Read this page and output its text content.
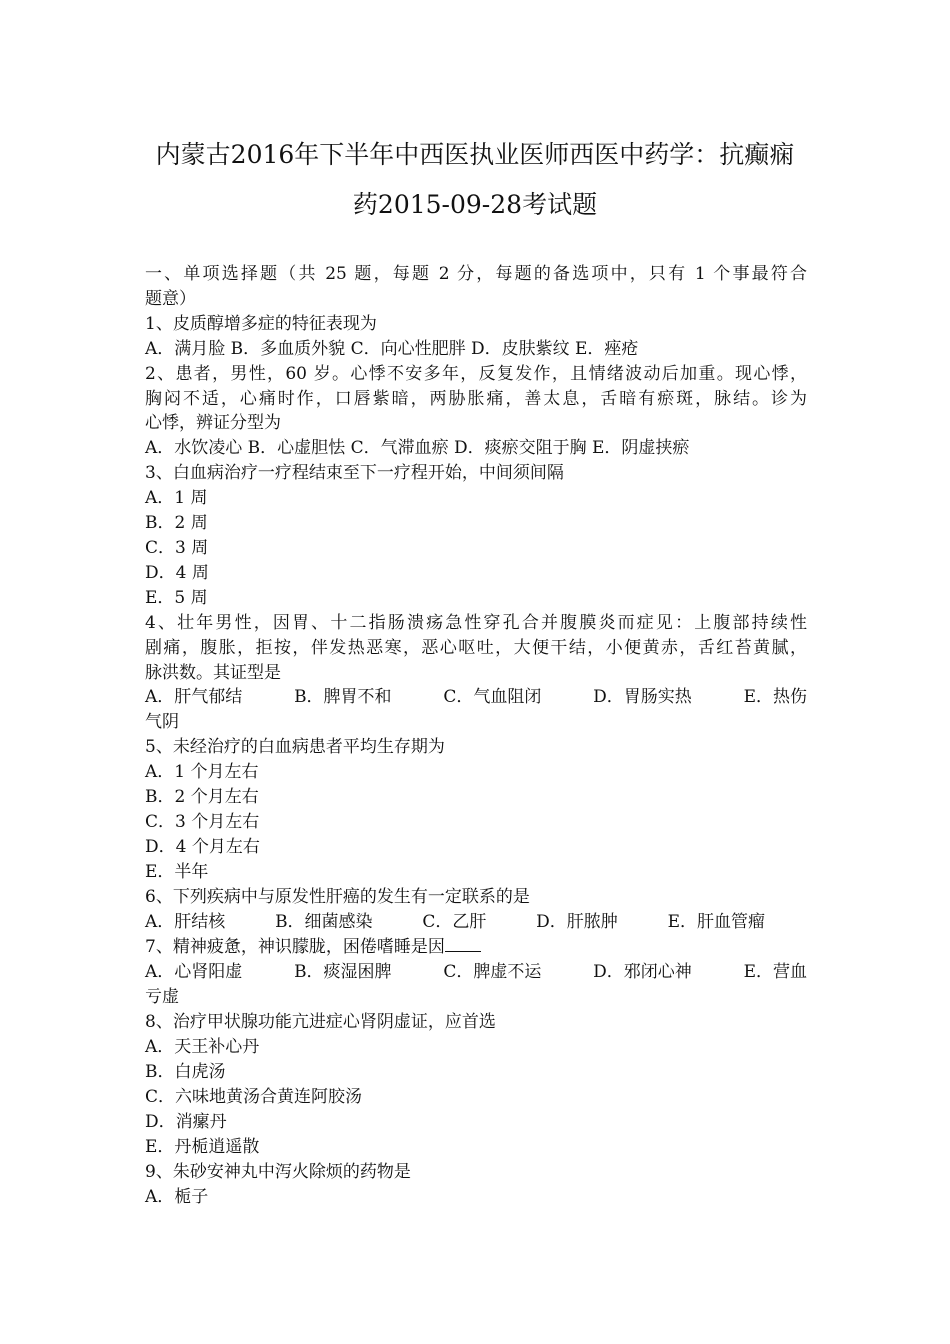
内蒙古2016年下半年中西医执业医师西医中药学：抗癫痫
药2015-09-28考试题
一、单项选择题（共 25 题，每题 2 分，每题的备选项中，只有 1 个事最符合
题意）
1、皮质醇增多症的特征表现为
A．满月脸 B．多血质外貌 C．向心性肥胖 D．皮肤紫纹 E．痤疮
2、患者，男性，60 岁。心悸不安多年，反复发作，且情绪波动后加重。现心悸，
胸闷不适，心痛时作，口唇紫暗，两胁胀痛，善太息，舌暗有瘀斑，脉结。诊为
心悸，辨证分型为
A．水饮凌心 B．心虚胆怯 C．气滞血瘀 D．痰瘀交阻于胸 E．阴虚挟瘀
3、白血病治疗一疗程结束至下一疗程开始，中间须间隔
A．1 周
B．2 周
C．3 周
D．4 周
E．5 周
4、壮年男性，因胃、十二指肠溃疡急性穿孔合并腹膜炎而症见：上腹部持续性
剧痛，腹胀，拒按，伴发热恶寒，恶心呕吐，大便干结，小便黄赤，舌红苔黄腻，
脉洪数。其证型是
A．肝气郁结	B．脾胃不和	C．气血阻闭	D．胃肠实热	E．热伤
气阴
5、未经治疗的白血病患者平均生存期为
A．1 个月左右
B．2 个月左右
C．3 个月左右
D．4 个月左右
E．半年
6、下列疾病中与原发性肝癌的发生有一定联系的是
A．肝结核	B．细菌感染	C．乙肝	D．肝脓肿	E．肝血管瘤
7、精神疲惫，神识朦胧，困倦嗜睡是因
A．心肾阳虚	B．痰湿困脾	C．脾虚不运	D．邪闭心神	E．营血
亏虚
8、治疗甲状腺功能亢进症心肾阴虚证，应首选
A．天王补心丹
B．白虎汤
C．六味地黄汤合黄连阿胶汤
D．消瘰丹
E．丹栀逍遥散
9、朱砂安神丸中泻火除烦的药物是
A．栀子
